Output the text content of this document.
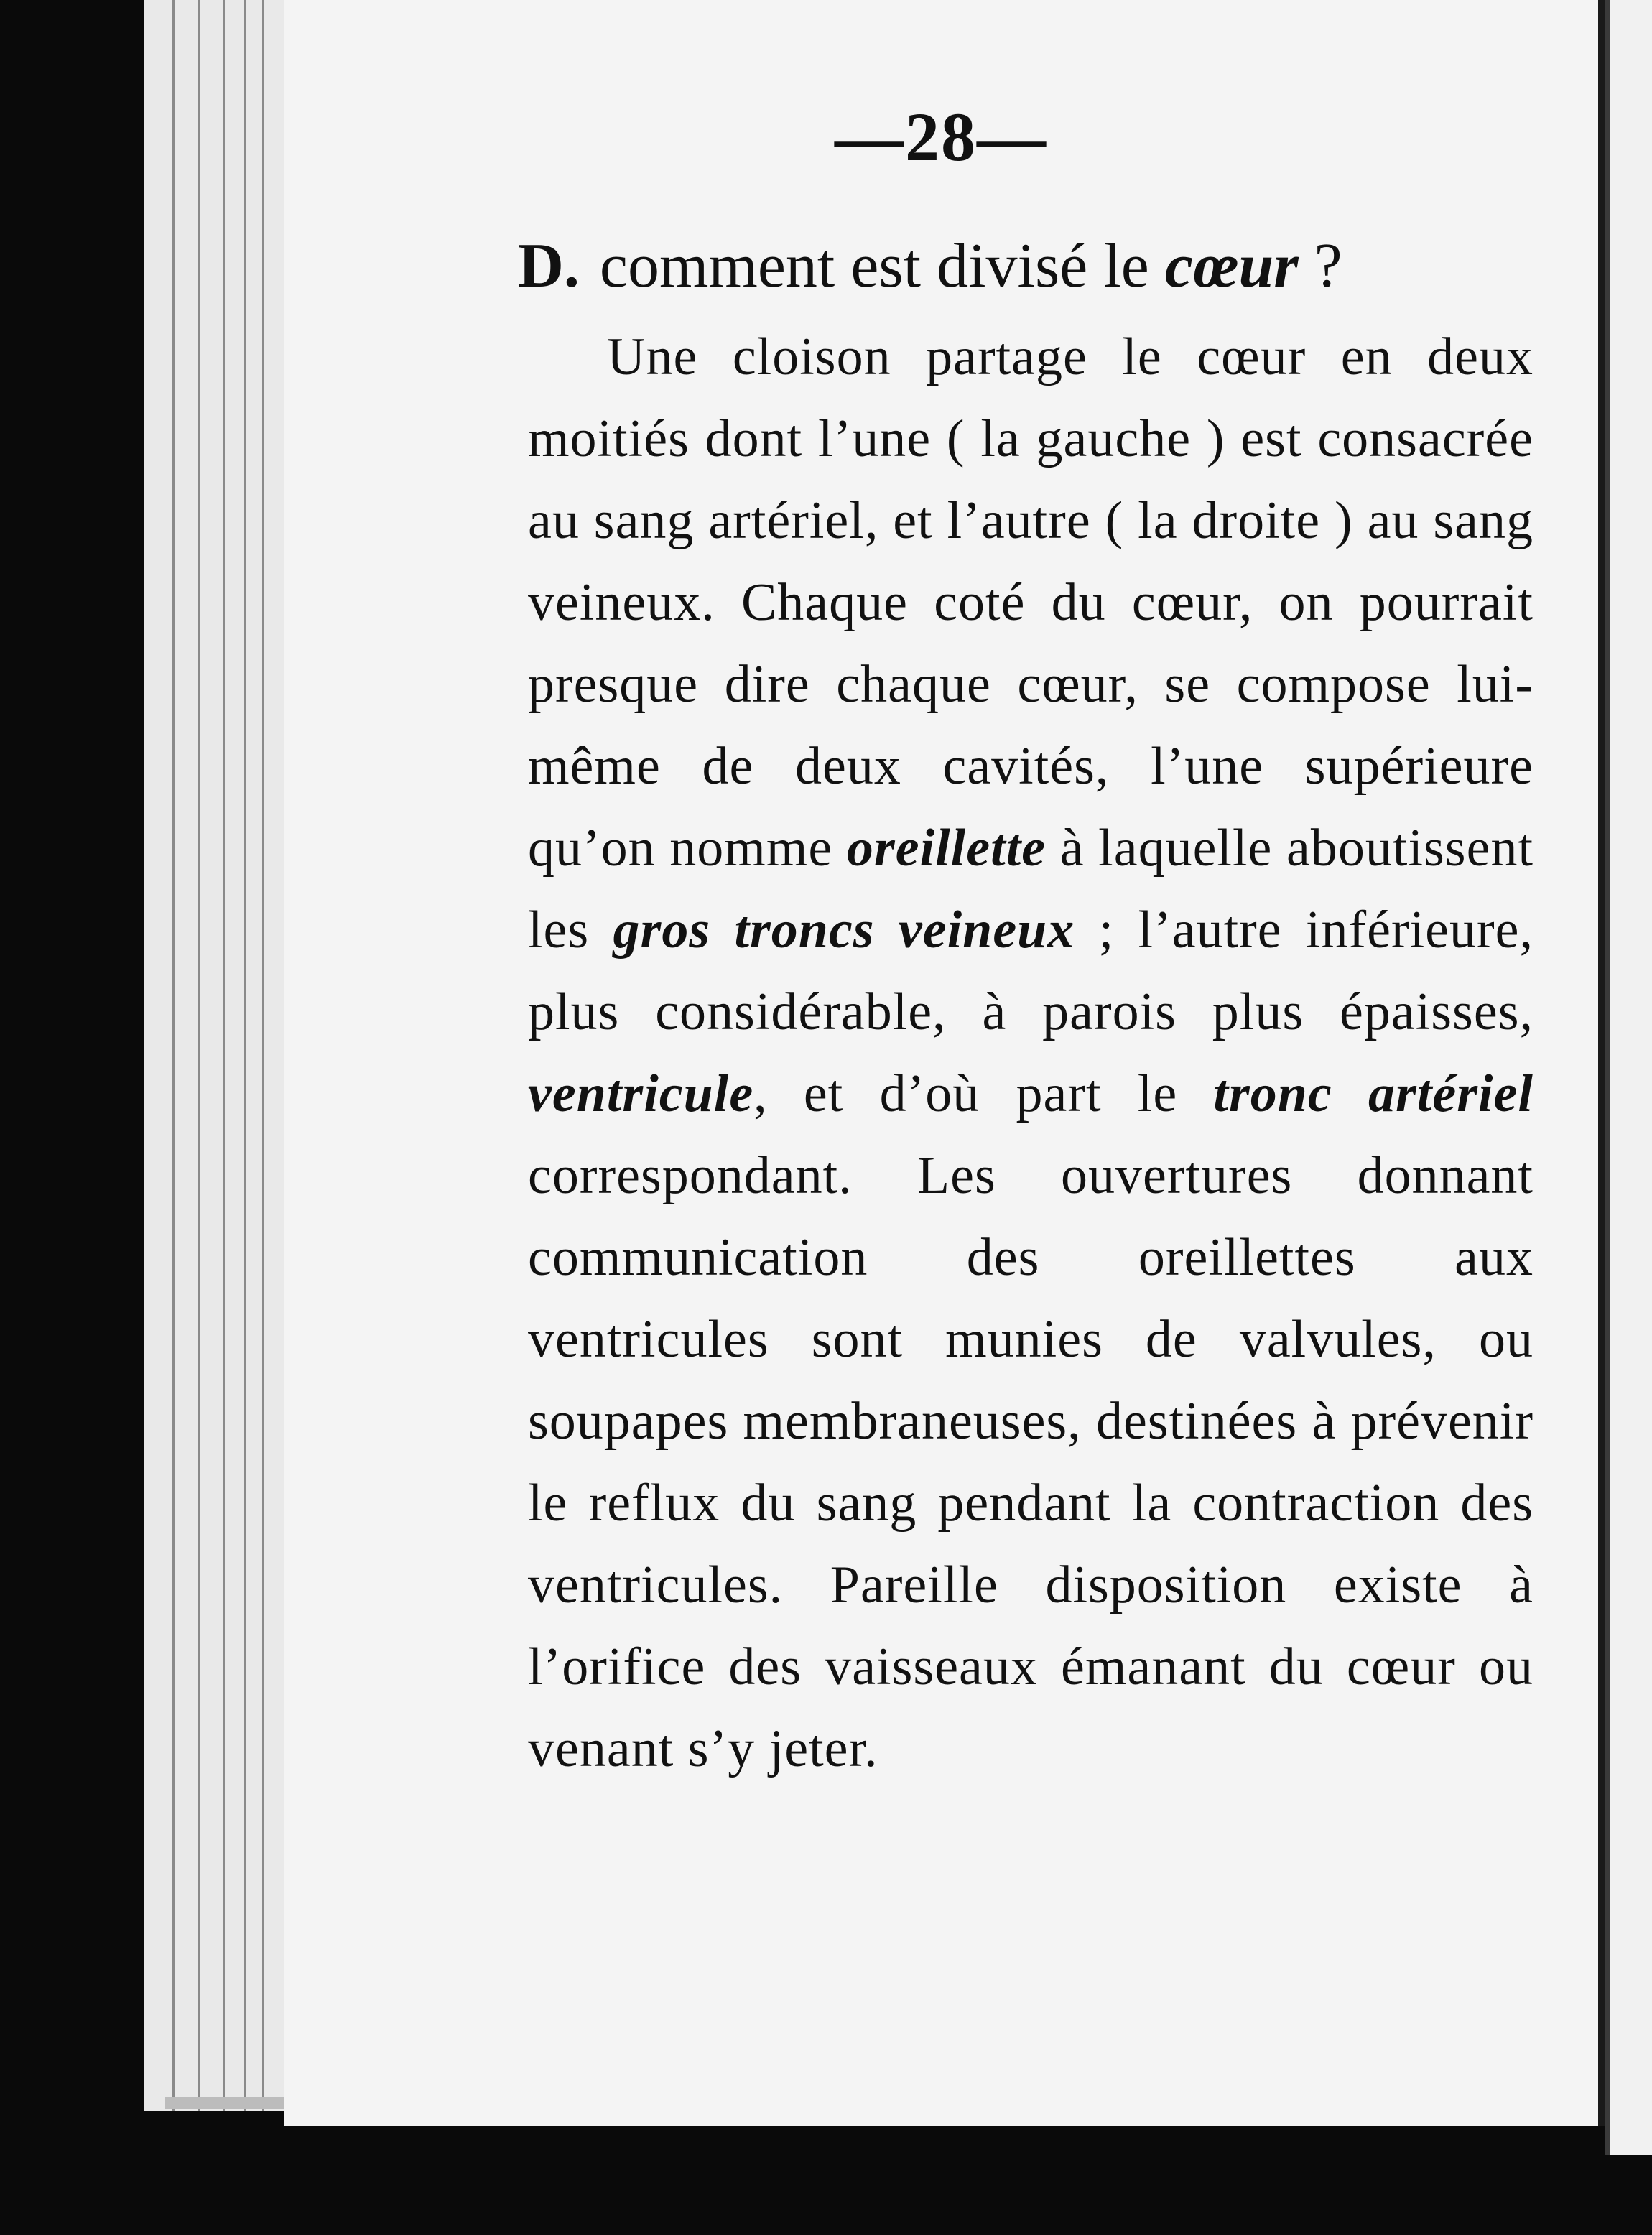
—28—
D. comment est divisé le cœur ?

Une cloison partage le cœur en deux moitiés dont l’une ( la gauche ) est consacrée au sang artériel, et l’autre ( la droite ) au sang veineux. Chaque coté du cœur, on pourrait presque dire chaque cœur, se compose lui-même de deux cavités, l’une supérieure qu’on nomme oreillette à laquelle aboutissent les gros troncs veineux ; l’autre inférieure, plus considérable, à parois plus épaisses, ventricule, et d’où part le tronc artériel correspondant. Les ouvertures donnant communication des oreillettes aux ventricules sont munies de valvules, ou soupapes membraneuses, destinées à prévenir le reflux du sang pendant la contraction des ventricules. Pareille disposition existe à l’orifice des vaisseaux émanant du cœur ou venant s’y jeter.
